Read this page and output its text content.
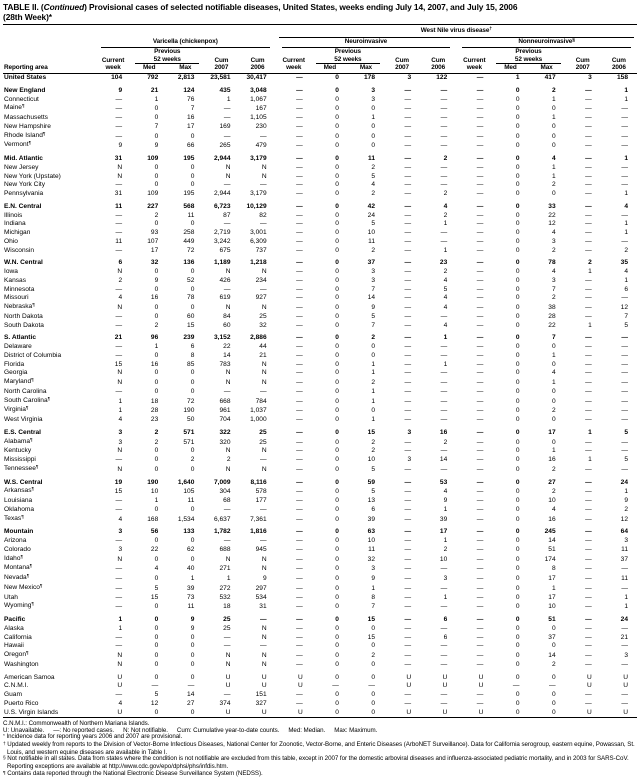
TABLE II. (Continued) Provisional cases of selected notifiable diseases, United States, weeks ending July 14, 2007, and July 15, 2006
(28th Week)*

						West Nile virus disease†

	Varicella (chickenpox)					Neuroinvasive					Nonneuroinvasive§

		Previous					Previous					Previous			
	Current	52 weeks		Cum	Cum	Current	52 weeks		Cum	Cum	Current	52 weeks		Cum	Cum
Reporting area	week	Med	Max	2007	2006	week	Med	Max	2007	2006	week	Med	Max	2007	2006
United States	104	792	2,813	23,581	30,417	—	0	178	3	122	—	1	417	3	158

New England	9	21	124	435	3,048	—	0	3	—	—	—	0	2	—	1
Connecticut	—	1	76	1	1,067	—	0	3	—	—	—	0	1	—	1
Maine¶	—	0	7	—	167	—	0	0	—	—	—	0	0	—	—
Massachusetts	—	0	16	—	1,105	—	0	1	—	—	—	0	1	—	—
New Hampshire	—	7	17	169	230	—	0	0	—	—	—	0	0	—	—
Rhode Island¶	—	0	0	—	—	—	0	0	—	—	—	0	0	—	—
Vermont¶	9	9	66	265	479	—	0	0	—	—	—	0	0	—	—

Mid. Atlantic	31	109	195	2,944	3,179	—	0	11	—	2	—	0	4	—	1
New Jersey	N	0	0	N	N	—	0	2	—	—	—	0	1	—	—
New York (Upstate)	N	0	0	N	N	—	0	5	—	—	—	0	1	—	—
New York City	—	0	0	—	—	—	0	4	—	—	—	0	2	—	—
Pennsylvania	31	109	195	2,944	3,179	—	0	2	—	2	—	0	0	—	1

E.N. Central	11	227	568	6,723	10,129	—	0	42	—	4	—	0	33	—	4
Illinois	—	2	11	87	82	—	0	24	—	2	—	0	22	—	—
Indiana	—	0	0	—	—	—	0	5	—	1	—	0	12	—	1
Michigan	—	93	258	2,719	3,001	—	0	10	—	—	—	0	4	—	1
Ohio	11	107	449	3,242	6,309	—	0	11	—	—	—	0	3	—	—
Wisconsin	—	17	72	675	737	—	0	2	—	1	—	0	2	—	2

W.N. Central	6	32	136	1,189	1,218	—	0	37	—	23	—	0	78	2	35
Iowa	N	0	0	N	N	—	0	3	—	2	—	0	4	1	4
Kansas	2	9	52	426	234	—	0	3	—	4	—	0	3	—	1
Minnesota	—	0	0	—	—	—	0	7	—	5	—	0	7	—	6
Missouri	4	16	78	619	927	—	0	14	—	4	—	0	2	—	—
Nebraska¶	N	0	0	N	N	—	0	9	—	4	—	0	38	—	12
North Dakota	—	0	60	84	25	—	0	5	—	—	—	0	28	—	7
South Dakota	—	2	15	60	32	—	0	7	—	4	—	0	22	1	5

S. Atlantic	21	96	239	3,152	2,886	—	0	2	—	1	—	0	7	—	—
Delaware	—	1	6	22	44	—	0	0	—	—	—	0	0	—	—
District of Columbia	—	0	8	14	21	—	0	0	—	—	—	0	1	—	—
Florida	15	16	85	783	N	—	0	1	—	1	—	0	0	—	—
Georgia	N	0	0	N	N	—	0	1	—	—	—	0	4	—	—
Maryland¶	N	0	0	N	N	—	0	2	—	—	—	0	1	—	—
North Carolina	—	0	0	—	—	—	0	1	—	—	—	0	0	—	—
South Carolina¶	1	18	72	668	784	—	0	1	—	—	—	0	0	—	—
Virginia¶	1	28	190	961	1,037	—	0	0	—	—	—	0	2	—	—
West Virginia	4	23	50	704	1,000	—	0	1	—	—	—	0	0	—	—

E.S. Central	3	2	571	322	25	—	0	15	3	16	—	0	17	1	5
Alabama¶	3	2	571	320	25	—	0	2	—	2	—	0	0	—	—
Kentucky	N	0	0	N	N	—	0	2	—	—	—	0	1	—	—
Mississippi	—	0	2	2	—	—	0	10	3	14	—	0	16	1	5
Tennessee¶	N	0	0	N	N	—	0	5	—	—	—	0	2	—	—

W.S. Central	19	190	1,640	7,009	8,116	—	0	59	—	53	—	0	27	—	24
Arkansas¶	15	10	105	304	578	—	0	5	—	4	—	0	2	—	1
Louisiana	—	1	11	68	177	—	0	13	—	9	—	0	10	—	9
Oklahoma	—	0	0	—	—	—	0	6	—	1	—	0	4	—	2
Texas¶	4	168	1,534	6,637	7,361	—	0	39	—	39	—	0	16	—	12

Mountain	3	56	133	1,782	1,816	—	0	63	—	17	—	0	245	—	64
Arizona	—	0	0	—	—	—	0	10	—	1	—	0	14	—	3
Colorado	3	22	62	688	945	—	0	11	—	2	—	0	51	—	11
Idaho¶	N	0	0	N	N	—	0	32	—	10	—	0	174	—	37
Montana¶	—	4	40	271	N	—	0	3	—	—	—	0	8	—	—
Nevada¶	—	0	1	1	9	—	0	9	—	3	—	0	17	—	11
New Mexico¶	—	5	39	272	297	—	0	1	—	—	—	0	1	—	—
Utah	—	15	73	532	534	—	0	8	—	1	—	0	17	—	1
Wyoming¶	—	0	11	18	31	—	0	7	—	—	—	0	10	—	1

Pacific	1	0	9	25	—	—	0	15	—	6	—	0	51	—	24
Alaska	1	0	9	25	N	—	0	0	—	—	—	0	0	—	—
California	—	0	0	—	N	—	0	15	—	6	—	0	37	—	21
Hawaii	—	0	0	—	—	—	0	0	—	—	—	0	0	—	—
Oregon¶	N	0	0	N	N	—	0	2	—	—	—	0	14	—	3
Washington	N	0	0	N	N	—	0	0	—	—	—	0	2	—	—

American Samoa	U	0	0	U	U	U	0	0	U	U	U	0	0	U	U
C.N.M.I.	U	—	—	U	U	U	—	—	U	U	U	—	—	U	U
Guam	—	5	14	—	151	—	0	0	—	—	—	0	0	—	—
Puerto Rico	4	12	27	374	327	—	0	0	—	—	—	0	0	—	—
U.S. Virgin Islands	U	0	0	U	U	U	0	0	U	U	U	0	0	U	U
C.N.M.I.: Commonwealth of Northern Mariana Islands.
U: Unavailable. —: No reported cases. N: Not notifiable. Cum: Cumulative year-to-date counts. Med: Median. Max: Maximum.
* Incidence data for reporting years 2006 and 2007 are provisional.
† Updated weekly from reports to the Division of Vector-Borne Infectious Diseases, National Center for Zoonotic, Vector-Borne, and Enteric Diseases (ArboNET Surveillance). Data for California serogroup, eastern equine, Powassan, St. Louis, and western equine diseases are available in Table I.
§ Not notifiable in all states. Data from states where the condition is not notifiable are excluded from this table, except in 2007 for the domestic arboviral diseases and influenza-associated pediatric mortality, and in 2003 for SARS-CoV. Reporting exceptions are available at http://www.cdc.gov/epo/dphsi/phs/infdis.htm.
¶ Contains data reported through the National Electronic Disease Surveillance System (NEDSS).
